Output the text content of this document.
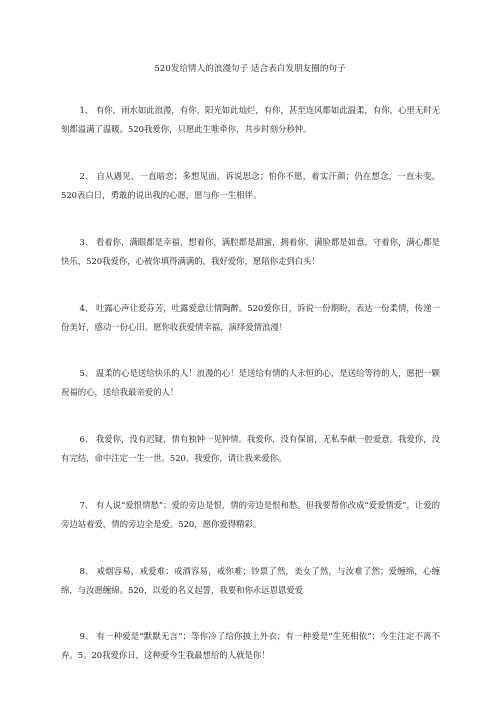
520发给情人的浪漫句子 适合表白发朋友圈的句子

1、 有你，雨水如此浪漫，有你，阳光如此灿烂，有你，甚至连风都如此温柔，有你，心里无时无刻都溢满了温暖。520我爱你，只愿此生唯牵你，共步时刻分秒钟。

2、 自从遇见，一直暗恋；多想见面，诉说思念；怕你不愿，着实汗颜；仍在想念，一直未变。520表白日，勇敢的说出我的心愿，愿与你一生相伴。

3、 看着你，满眼都是幸福，想着你，满腔都是甜蜜，拥着你，满脸都是如意，守着你，满心都是快乐，520我爱你，心被你填得满满的，我好爱你，愿陪你走到白头！

4、 吐露心声让爱芬芳，吐露爱意让情陶醉。520爱你日，诉说一份期盼，表达一份柔情，传递一份美好，感动一份心田。愿你收获爱情幸福，演绎爱情浪漫！

5、 温柔的心是送给快乐的人！浪漫的心！是送给有情的人永恒的心，是送给等待的人，愿把一颗祝福的心，送给我最亲爱的人！

6、 我爱你，没有迟疑，情有独钟一见钟情。我爱你，没有保留，无私奉献一腔爱意。我爱你，没有完结，命中注定一生一世。520，我爱你，请让我来爱你。

7、 有人说“爱恨情愁”；爱的旁边是恨，情的旁边是恨和愁。但我要帮你改成“爱爱情爱”，让爱的旁边站着爱，情的旁边全是爱。520，愿你爱得精彩。

8、 戒烟容易，戒爱难；戒酒容易，戒你难；钞票了然，美女了然，与汝难了然；爱缠绵，心缠绵，与汝愿缠绵。520，以爱的名义起誓，我要和你永远恩恩爱爱

9、 有一种爱是“默默无言”；等你冷了给你披上外衣；有一种爱是“生死相依”；今生注定不离不弃。5。20我爱你日，这种爱今生我最想给的人就是你！
